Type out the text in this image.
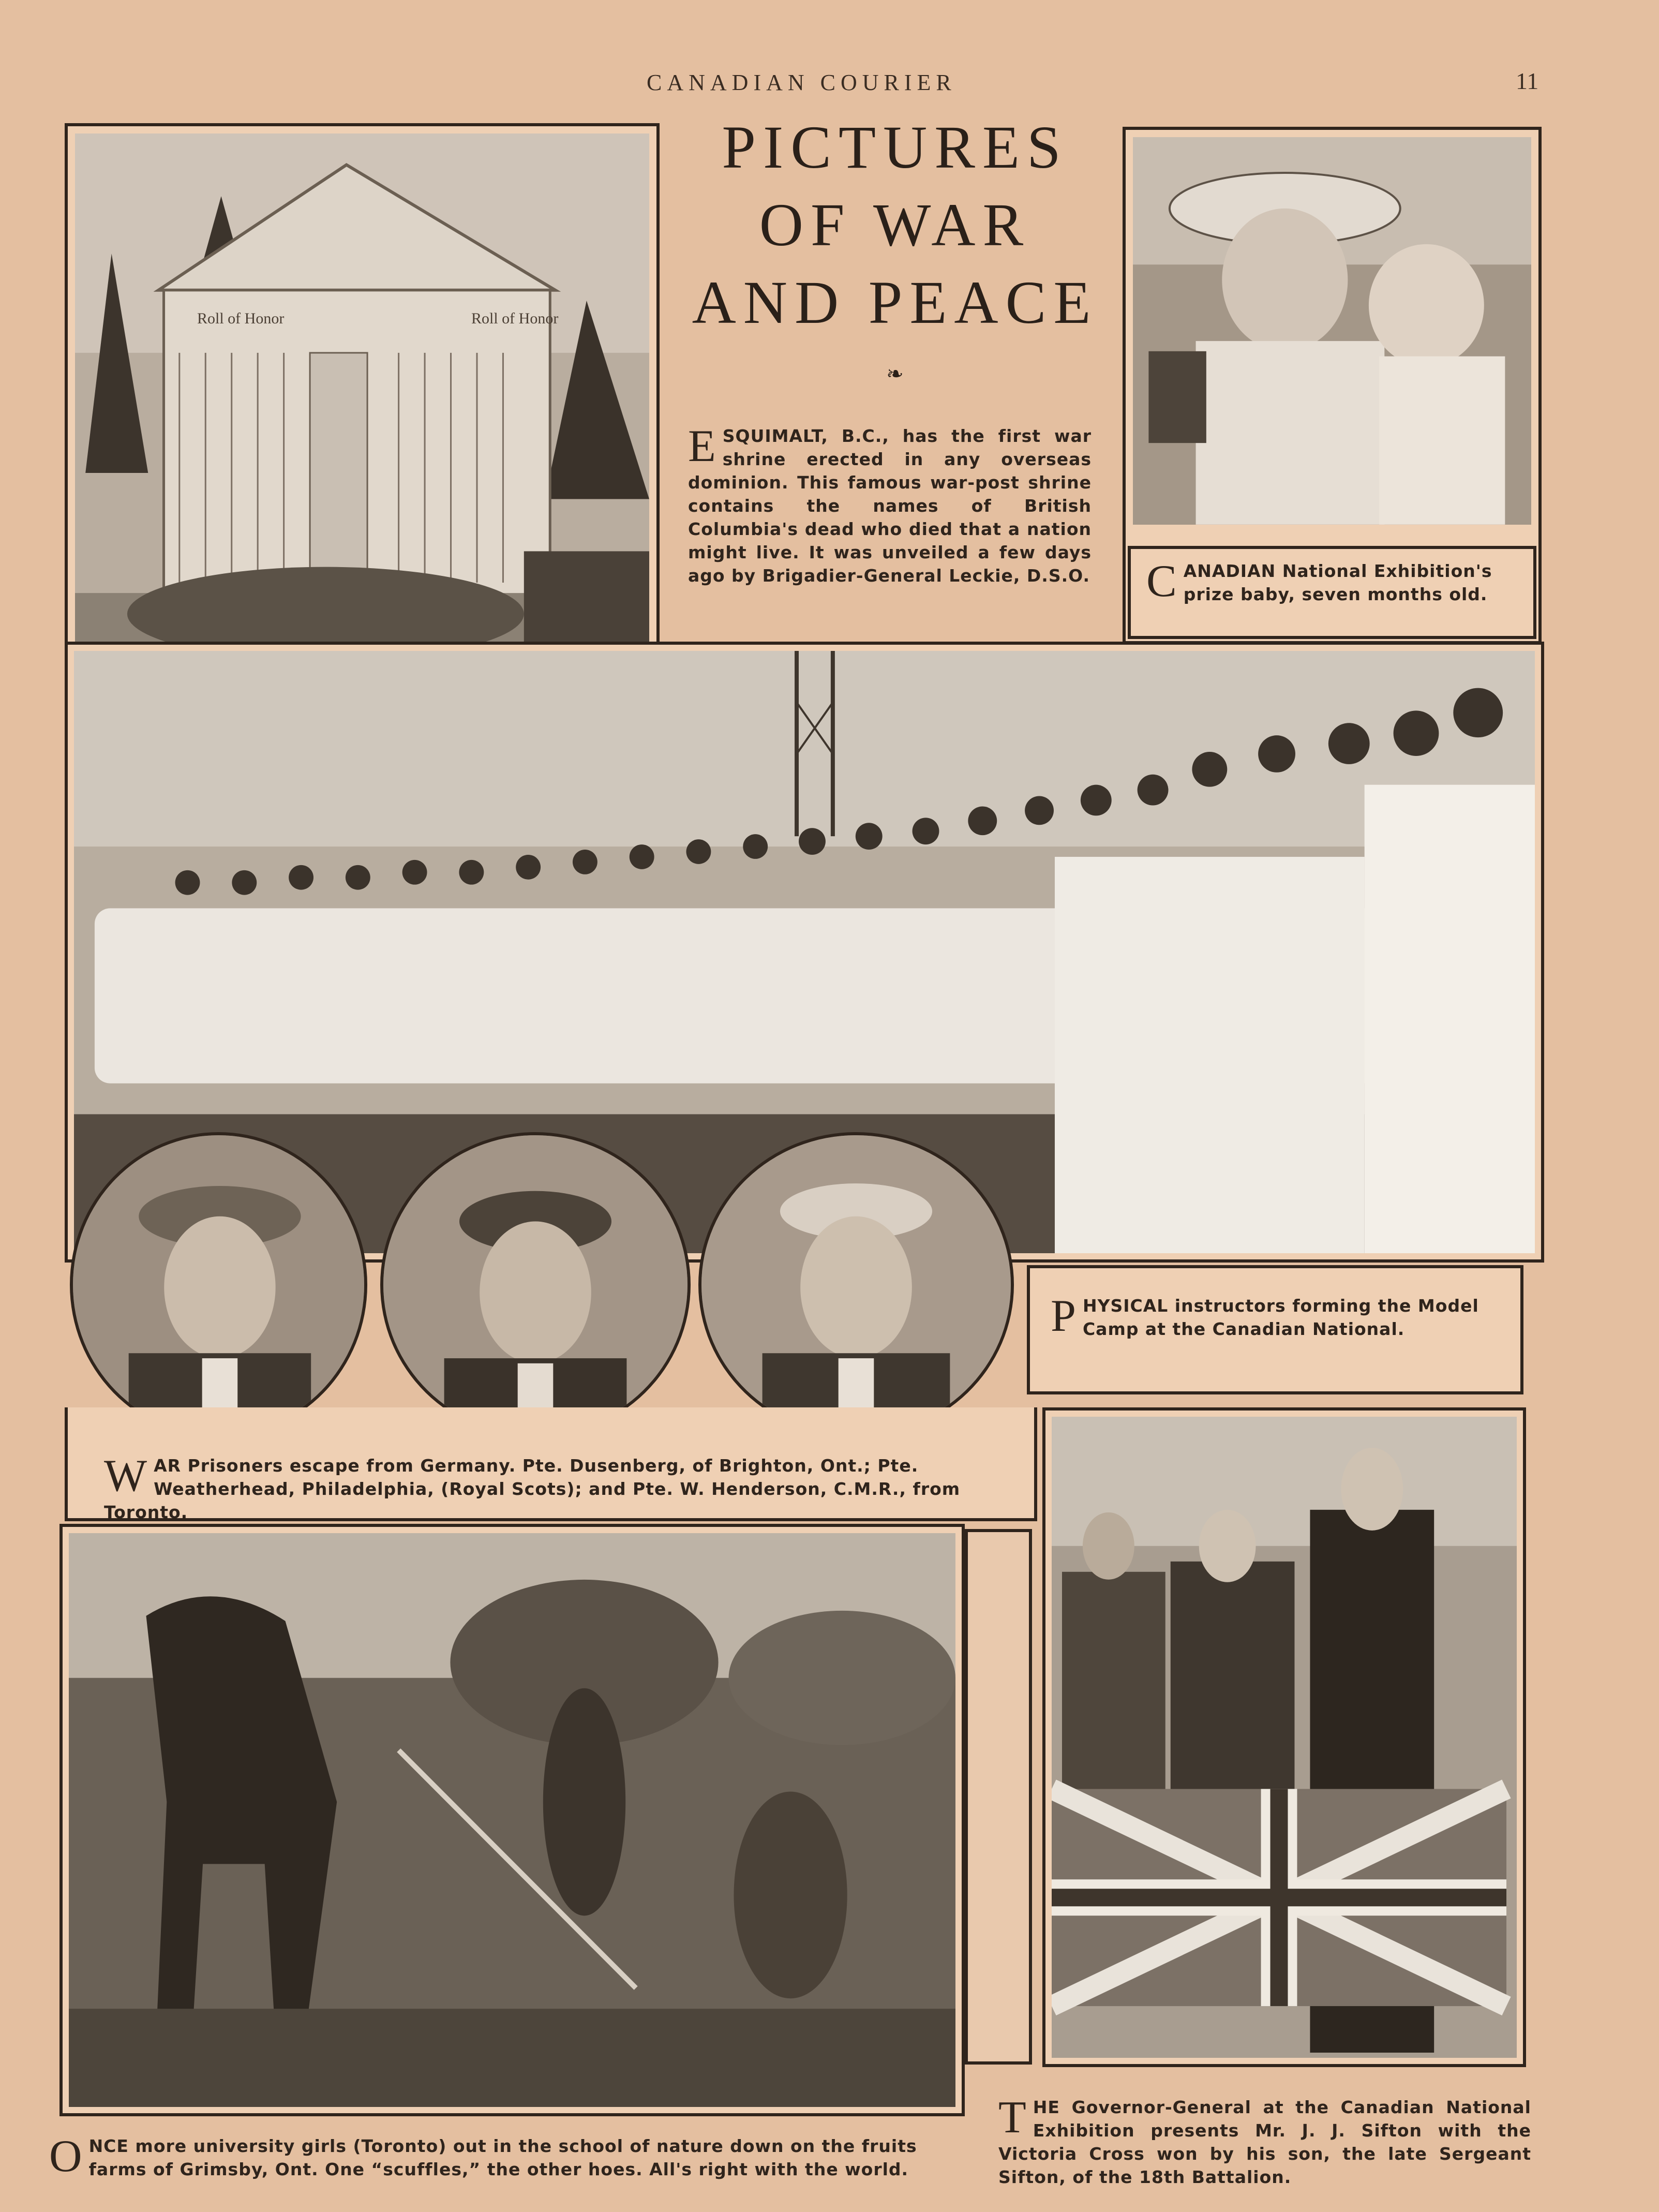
CANADIAN COURIER	11
Roll of Honor	Roll of Honor
PICTURES
OF WAR
AND PEACE
❧
ESQUIMALT, B.C., has the first war shrine erected in any overseas dominion. This famous war-post shrine contains the names of British Columbia's dead who died that a nation might live. It was unveiled a few days ago by Brigadier-General Leckie, D.S.O. CANADIAN National Exhibition's prize baby, seven months old.
PHYSICAL instructors forming the Model Camp at the Canadian National.
WAR Prisoners escape from Germany. Pte. Dusenberg, of Brighton, Ont.; Pte. Weatherhead, Philadelphia, (Royal Scots); and Pte. W. Henderson, C.M.R., from Toronto.
ONCE more university girls (Toronto) out in the school of nature down on the fruits farms of Grimsby, Ont. One “scuffles,” the other hoes. All's right with the world.
THE Governor-General at the Canadian National Exhibition presents Mr. J. J. Sifton with the Victoria Cross won by his son, the late Sergeant Sifton, of the 18th Battalion.
